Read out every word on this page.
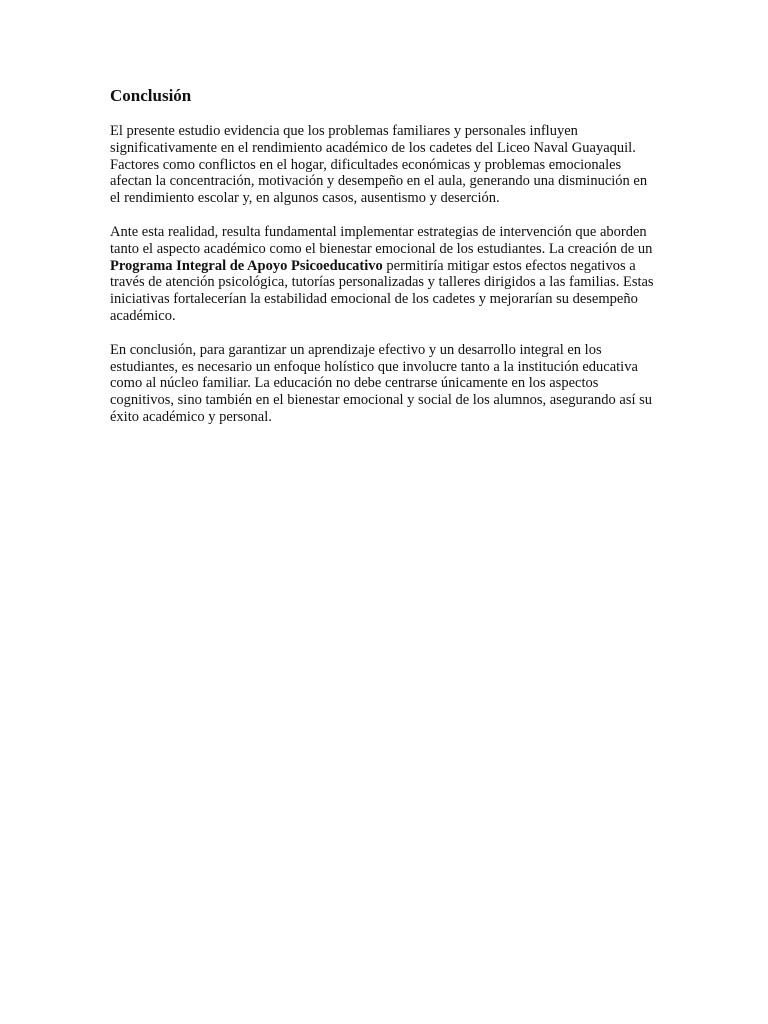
Conclusión

El presente estudio evidencia que los problemas familiares y personales influyen significativamente en el rendimiento académico de los cadetes del Liceo Naval Guayaquil. Factores como conflictos en el hogar, dificultades económicas y problemas emocionales afectan la concentración, motivación y desempeño en el aula, generando una disminución en el rendimiento escolar y, en algunos casos, ausentismo y deserción.

Ante esta realidad, resulta fundamental implementar estrategias de intervención que aborden tanto el aspecto académico como el bienestar emocional de los estudiantes. La creación de un Programa Integral de Apoyo Psicoeducativo permitiría mitigar estos efectos negativos a través de atención psicológica, tutorías personalizadas y talleres dirigidos a las familias. Estas iniciativas fortalecerían la estabilidad emocional de los cadetes y mejorarían su desempeño académico.

En conclusión, para garantizar un aprendizaje efectivo y un desarrollo integral en los estudiantes, es necesario un enfoque holístico que involucre tanto a la institución educativa como al núcleo familiar. La educación no debe centrarse únicamente en los aspectos cognitivos, sino también en el bienestar emocional y social de los alumnos, asegurando así su éxito académico y personal.
